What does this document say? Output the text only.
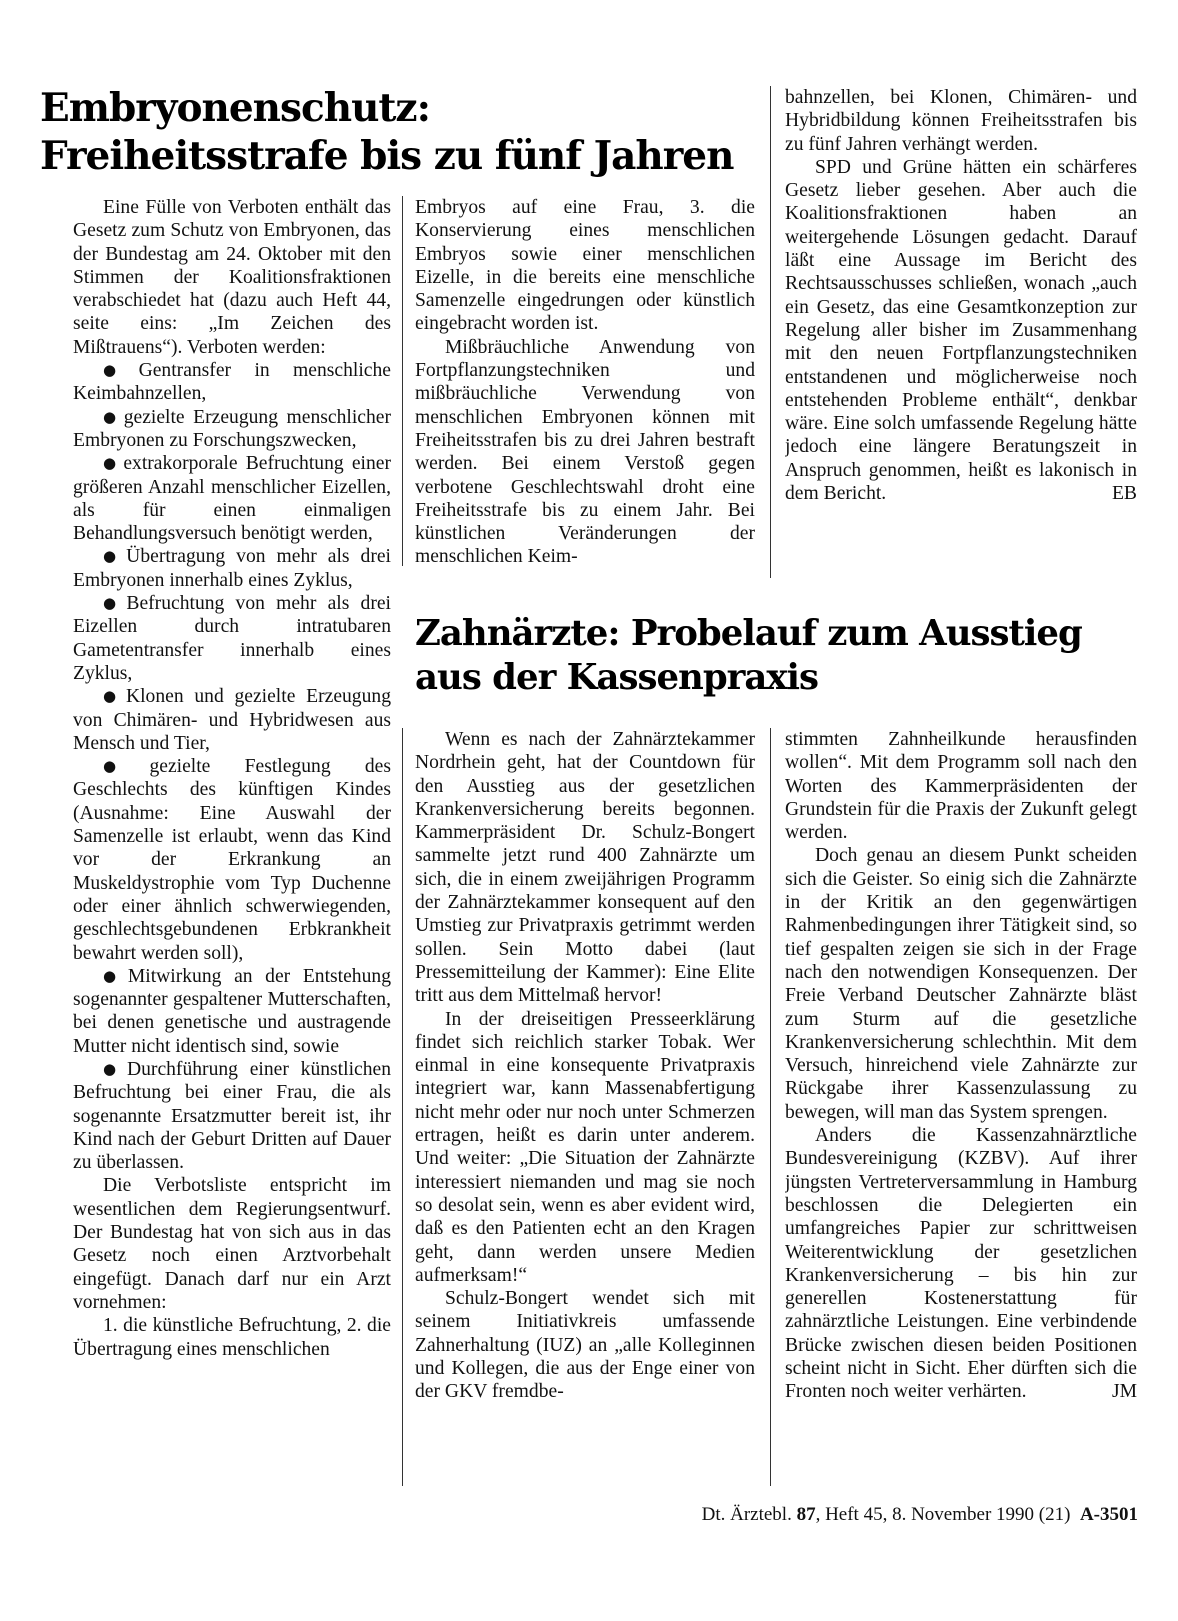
Embryonenschutz:
Freiheitsstrafe bis zu fünf Jahren

Eine Fülle von Verboten enthält das Gesetz zum Schutz von Embryonen, das der Bundestag am 24. Oktober mit den Stimmen der Koalitionsfraktionen verabschiedet hat (dazu auch Heft 44, seite eins: „Im Zeichen des Mißtrauens“). Verboten werden:

● Gentransfer in menschliche Keimbahnzellen,

● gezielte Erzeugung menschlicher Embryonen zu Forschungszwecken,

● extrakorporale Befruchtung einer größeren Anzahl menschlicher Eizellen, als für einen einmaligen Behandlungsversuch benötigt werden,

● Übertragung von mehr als drei Embryonen innerhalb eines Zyklus,

● Befruchtung von mehr als drei Eizellen durch intratubaren Gametentransfer innerhalb eines Zyklus,

● Klonen und gezielte Erzeugung von Chimären- und Hybridwesen aus Mensch und Tier,

● gezielte Festlegung des Geschlechts des künftigen Kindes (Ausnahme: Eine Auswahl der Samenzelle ist erlaubt, wenn das Kind vor der Erkrankung an Muskeldystrophie vom Typ Duchenne oder einer ähnlich schwerwiegenden, geschlechtsgebundenen Erbkrankheit bewahrt werden soll),

● Mitwirkung an der Entstehung sogenannter gespaltener Mutterschaften, bei denen genetische und austragende Mutter nicht identisch sind, sowie

● Durchführung einer künstlichen Befruchtung bei einer Frau, die als sogenannte Ersatzmutter bereit ist, ihr Kind nach der Geburt Dritten auf Dauer zu überlassen.

Die Verbotsliste entspricht im wesentlichen dem Regierungsentwurf. Der Bundestag hat von sich aus in das Gesetz noch einen Arztvorbehalt eingefügt. Danach darf nur ein Arzt vornehmen:

1. die künstliche Befruchtung, 2. die Übertragung eines menschlichen

Embryos auf eine Frau, 3. die Konservierung eines menschlichen Embryos sowie einer menschlichen Eizelle, in die bereits eine menschliche Samenzelle eingedrungen oder künstlich eingebracht worden ist.

Mißbräuchliche Anwendung von Fortpflanzungstechniken und mißbräuchliche Verwendung von menschlichen Embryonen können mit Freiheitsstrafen bis zu drei Jahren bestraft werden. Bei einem Verstoß gegen verbotene Geschlechtswahl droht eine Freiheitsstrafe bis zu einem Jahr. Bei künstlichen Veränderungen der menschlichen Keim-

bahnzellen, bei Klonen, Chimären- und Hybridbildung können Freiheitsstrafen bis zu fünf Jahren verhängt werden.

SPD und Grüne hätten ein schärferes Gesetz lieber gesehen. Aber auch die Koalitionsfraktionen haben an weitergehende Lösungen gedacht. Darauf läßt eine Aussage im Bericht des Rechtsausschusses schließen, wonach „auch ein Gesetz, das eine Gesamtkonzeption zur Regelung aller bisher im Zusammenhang mit den neuen Fortpflanzungstechniken entstandenen und möglicherweise noch entstehenden Probleme enthält“, denkbar wäre. Eine solch umfassende Regelung hätte jedoch eine längere Beratungszeit in Anspruch genommen, heißt es lakonisch in dem Bericht.	EB

Zahnärzte: Probelauf zum Ausstieg
aus der Kassenpraxis

Wenn es nach der Zahnärztekammer Nordrhein geht, hat der Countdown für den Ausstieg aus der gesetzlichen Krankenversicherung bereits begonnen. Kammerpräsident Dr. Schulz-Bongert sammelte jetzt rund 400 Zahnärzte um sich, die in einem zweijährigen Programm der Zahnärztekammer konsequent auf den Umstieg zur Privatpraxis getrimmt werden sollen. Sein Motto dabei (laut Pressemitteilung der Kammer): Eine Elite tritt aus dem Mittelmaß hervor!

In der dreiseitigen Presseerklärung findet sich reichlich starker Tobak. Wer einmal in eine konsequente Privatpraxis integriert war, kann Massenabfertigung nicht mehr oder nur noch unter Schmerzen ertragen, heißt es darin unter anderem. Und weiter: „Die Situation der Zahnärzte interessiert niemanden und mag sie noch so desolat sein, wenn es aber evident wird, daß es den Patienten echt an den Kragen geht, dann werden unsere Medien aufmerksam!“

Schulz-Bongert wendet sich mit seinem Initiativkreis umfassende Zahnerhaltung (IUZ) an „alle Kolleginnen und Kollegen, die aus der Enge einer von der GKV fremdbe-

stimmten Zahnheilkunde herausfinden wollen“. Mit dem Programm soll nach den Worten des Kammerpräsidenten der Grundstein für die Praxis der Zukunft gelegt werden.

Doch genau an diesem Punkt scheiden sich die Geister. So einig sich die Zahnärzte in der Kritik an den gegenwärtigen Rahmenbedingungen ihrer Tätigkeit sind, so tief gespalten zeigen sie sich in der Frage nach den notwendigen Konsequenzen. Der Freie Verband Deutscher Zahnärzte bläst zum Sturm auf die gesetzliche Krankenversicherung schlechthin. Mit dem Versuch, hinreichend viele Zahnärzte zur Rückgabe ihrer Kassenzulassung zu bewegen, will man das System sprengen.

Anders die Kassenzahnärztliche Bundesvereinigung (KZBV). Auf ihrer jüngsten Vertreterversammlung in Hamburg beschlossen die Delegierten ein umfangreiches Papier zur schrittweisen Weiterentwicklung der gesetzlichen Krankenversicherung – bis hin zur generellen Kostenerstattung für zahnärztliche Leistungen. Eine verbindende Brücke zwischen diesen beiden Positionen scheint nicht in Sicht. Eher dürften sich die Fronten noch weiter verhärten.	JM

Dt. Ärztebl. 87, Heft 45, 8. November 1990 (21) A-3501
